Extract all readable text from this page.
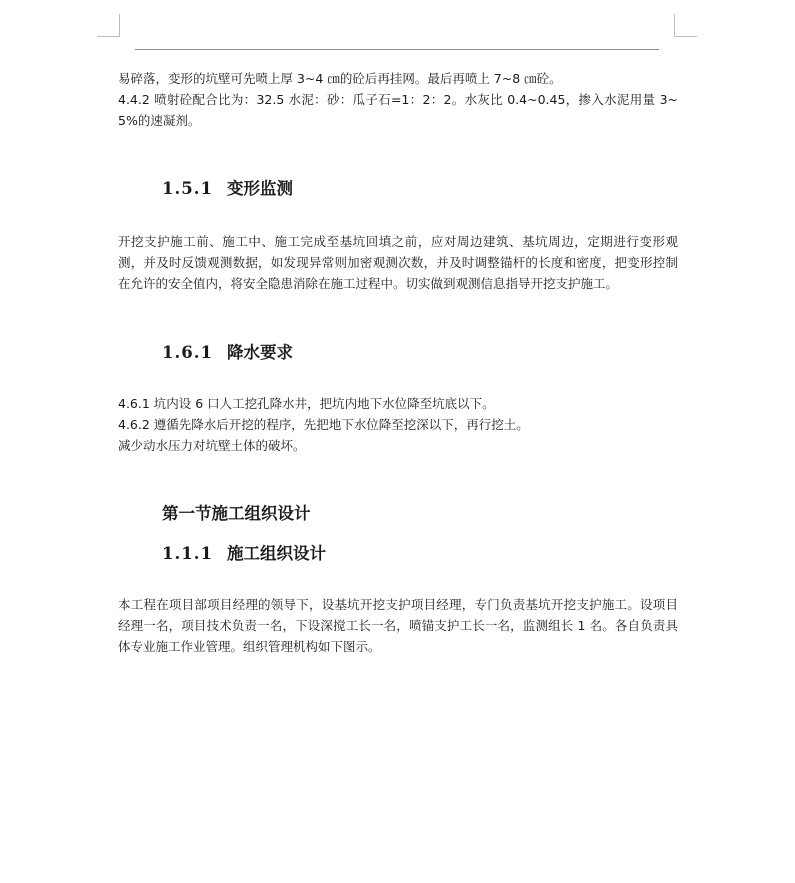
易碎落，变形的坑壁可先喷上厚 3~4 ㎝的砼后再挂网。最后再喷上 7~8 ㎝砼。

4.4.2 喷射砼配合比为：32.5 水泥：砂：瓜子石=1：2：2。水灰比 0.4~0.45，掺入水泥用量 3~5%的速凝剂。

1.5.1 变形监测

开挖支护施工前、施工中、施工完成至基坑回填之前，应对周边建筑、基坑周边，定期进行变形观测，并及时反馈观测数据，如发现异常则加密观测次数，并及时调整锚杆的长度和密度，把变形控制在允许的安全值内，将安全隐患消除在施工过程中。切实做到观测信息指导开挖支护施工。

1.6.1 降水要求

4.6.1 坑内设 6 口人工挖孔降水井，把坑内地下水位降至坑底以下。

4.6.2 遵循先降水后开挖的程序，先把地下水位降至挖深以下，再行挖土。

减少动水压力对坑壁土体的破坏。

第一节施工组织设计
1.1.1 施工组织设计

本工程在项目部项目经理的领导下，设基坑开挖支护项目经理，专门负责基坑开挖支护施工。设项目经理一名，项目技术负责一名，下设深搅工长一名，喷锚支护工长一名，监测组长 1 名。各自负责具体专业施工作业管理。组织管理机构如下图示。
